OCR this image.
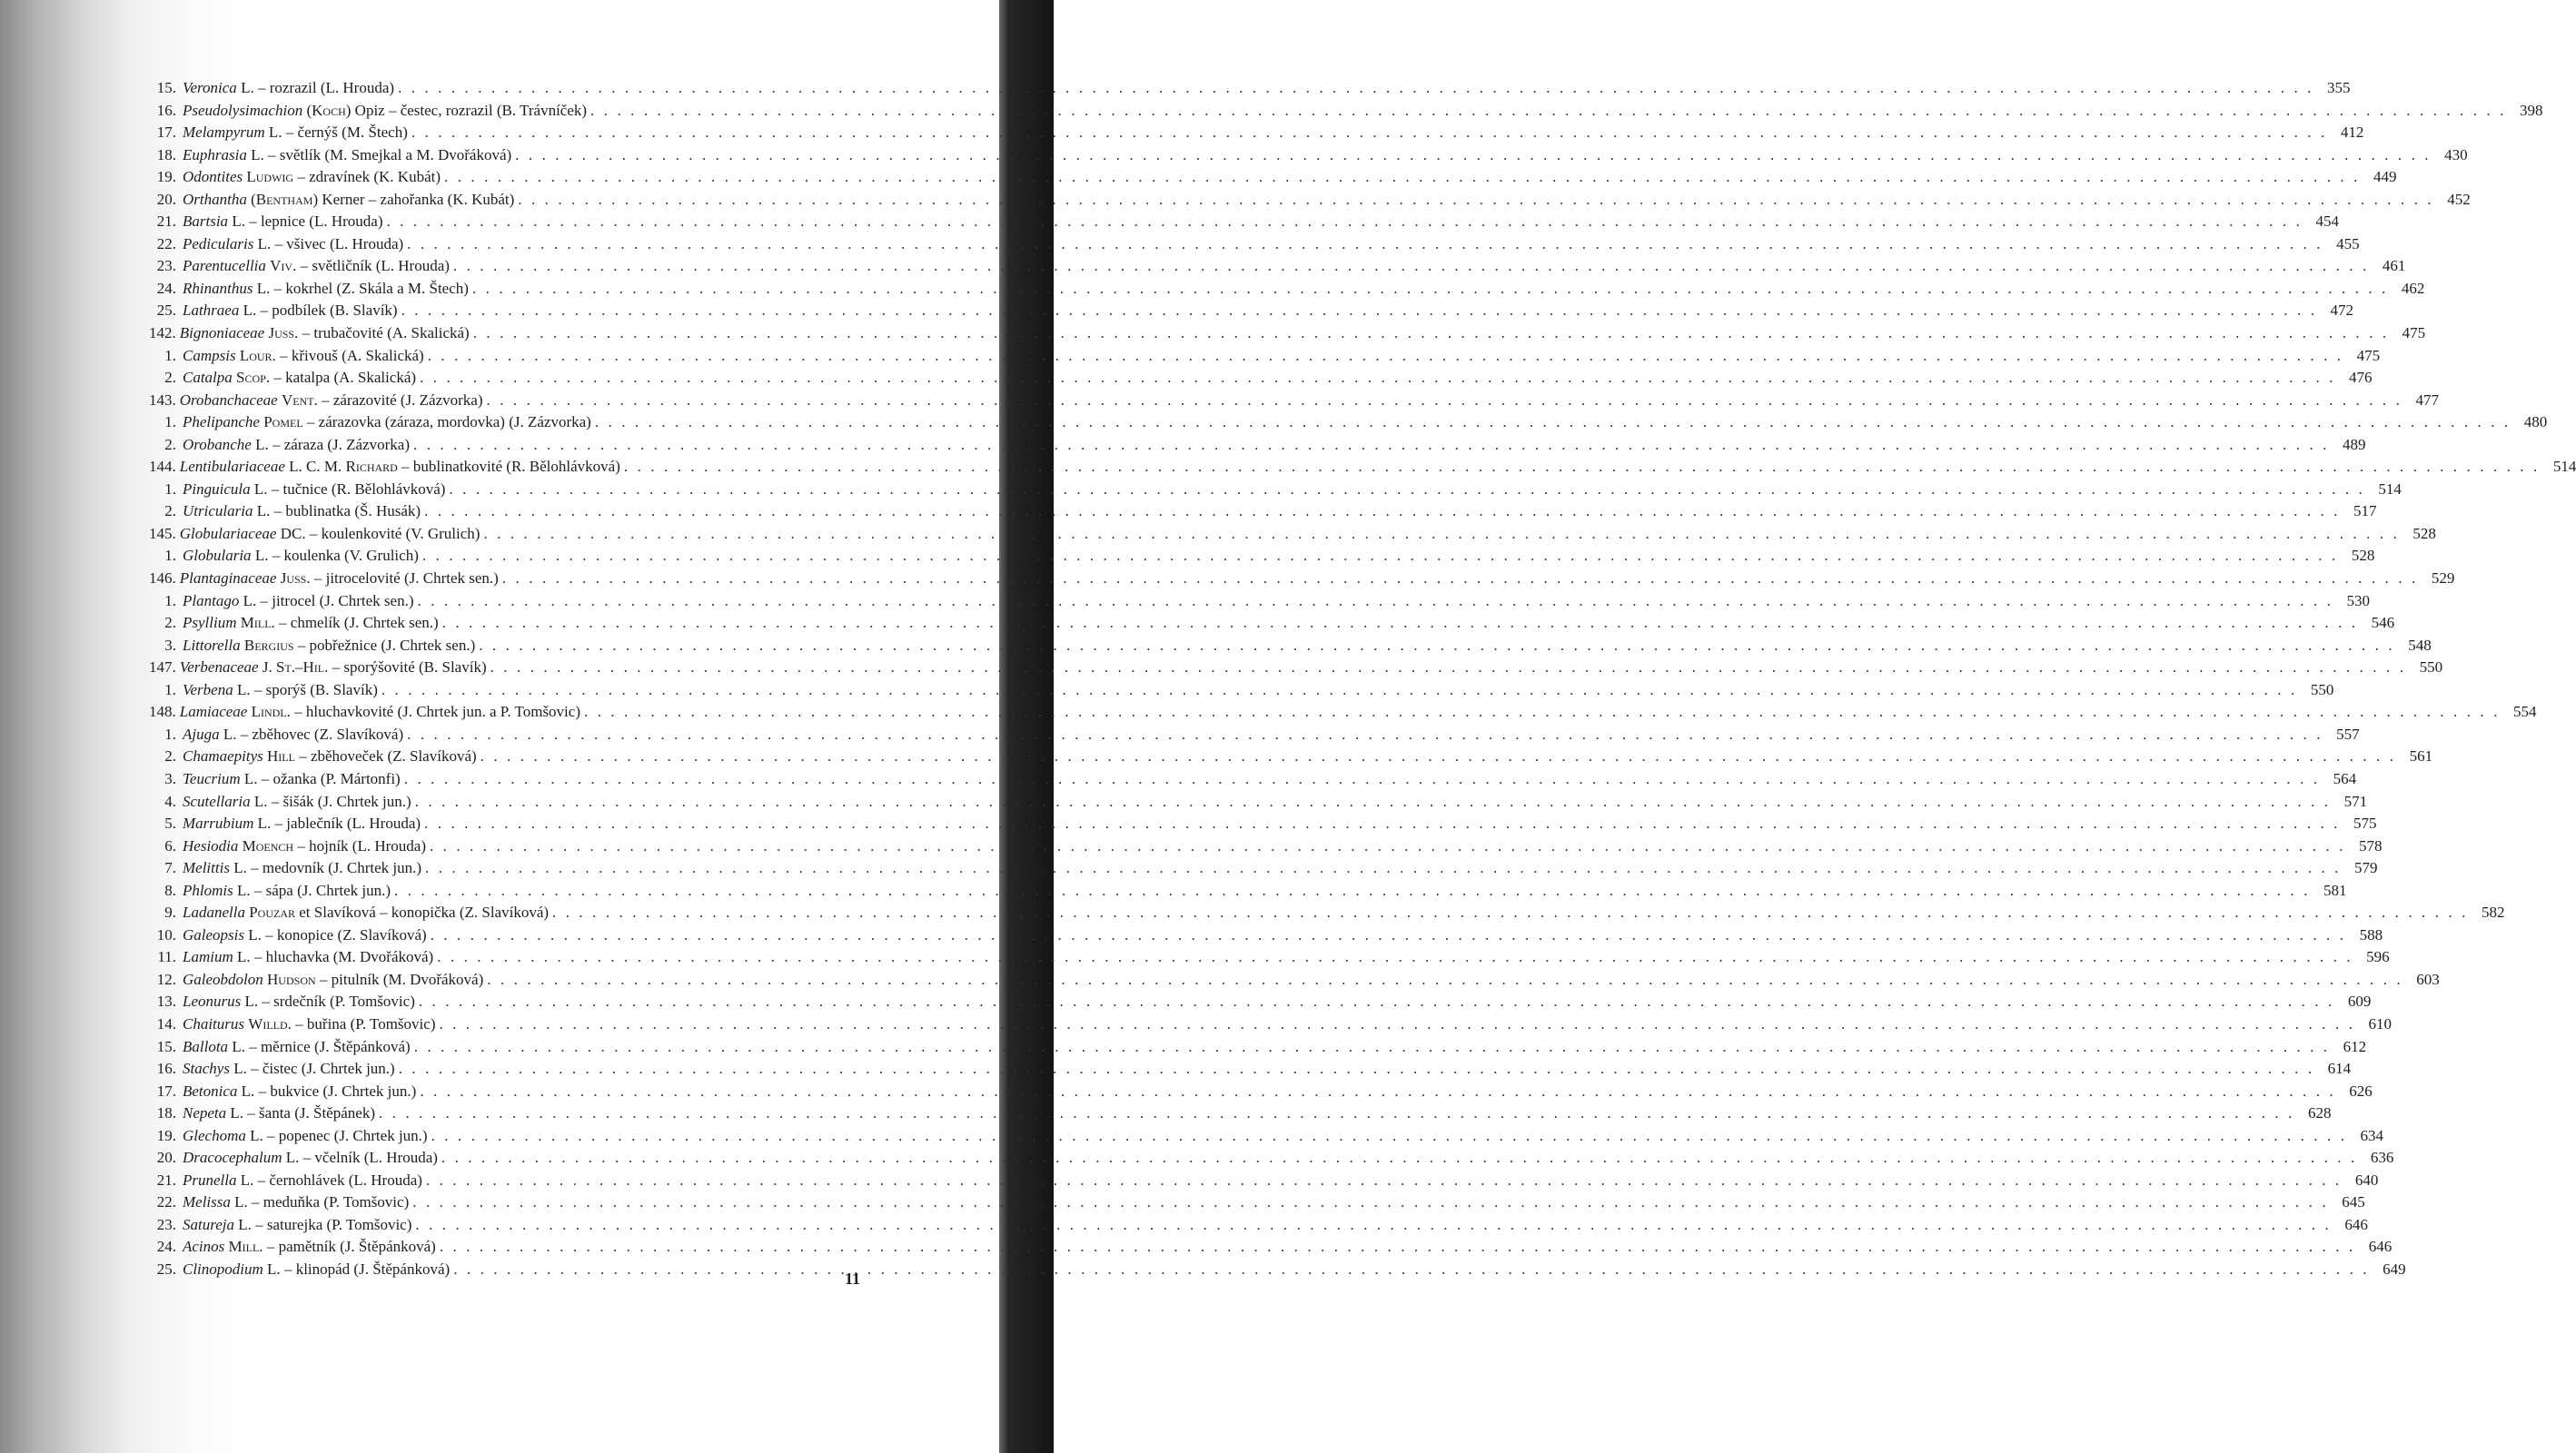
15. Veronica L. – rozrazil (L. Hrouda) . . .	355
16. Pseudolysimachion (Koch) Opiz – čestec, rozrazil (B. Trávníček) . . .	398
17. Melampyrum L. – černýš (M. Štech) . . .	412
18. Euphrasia L. – světlík (M. Smejkal a M. Dvořáková) . . .	430
19. Odontites Ludwig – zdravínek (K. Kubát) . . .	449
20. Orthantha (Bentham) Kerner – zahořanka (K. Kubát) . . .	452
21. Bartsia L. – lepnice (L. Hrouda) . . .	454
22. Pedicularis L. – všivec (L. Hrouda) . . .	455
23. Parentucellia Viv. – světličník (L. Hrouda) . . .	461
24. Rhinanthus L. – kokrhel (Z. Skála a M. Štech) . . .	462
25. Lathraea L. – podbílek (B. Slavík) . . .	472
142. Bignoniaceae Juss. – trubačovité (A. Skalická) . . .	475
1. Campsis Lour. – křivouš (A. Skalická) . . .	475
2. Catalpa Scop. – katalpa (A. Skalická) . . .	476
143. Orobanchaceae Vent. – zárazovité (J. Zázvorka) . . .	477
1. Phelipanche Pomel – zárazovka (záraza, mordovka) (J. Zázvorka) . . .	480
2. Orobanche L. – záraza (J. Zázvorka) . . .	489
144. Lentibulariaceae L. C. M. Richard – bublinatkovité (R. Bělohlávková) . . .	514
1. Pinguicula L. – tučnice (R. Bělohlávková) . . .	514
2. Utricularia L. – bublinatka (Š. Husák) . . .	517
145. Globulariaceae DC. – koulenkovité (V. Grulich) . . .	528
1. Globularia L. – koulenka (V. Grulich) . . .	528
146. Plantaginaceae Juss. – jitrocelovité (J. Chrtek sen.) . . .	529
1. Plantago L. – jitrocel (J. Chrtek sen.) . . .	530
2. Psyllium Mill. – chmelík (J. Chrtek sen.) . . .	546
3. Littorella Bergius – pobřežnice (J. Chrtek sen.) . . .	548
147. Verbenaceae J. St.–Hil. – sporýšovité (B. Slavík) . . .	550
1. Verbena L. – sporýš (B. Slavík) . . .	550
148. Lamiaceae Lindl. – hluchavkovité (J. Chrtek jun. a P. Tomšovic) . . .	554
1. Ajuga L. – zběhovec (Z. Slavíková) . . .	557
2. Chamaepitys Hill – zběhoveček (Z. Slavíková) . . .	561
3. Teucrium L. – ožanka (P. Mártonfi) . . .	564
4. Scutellaria L. – šišák (J. Chrtek jun.) . . .	571
5. Marrubium L. – jablečník (L. Hrouda) . . .	575
6. Hesiodia Moench – hojník (L. Hrouda) . . .	578
7. Melittis L. – medovník (J. Chrtek jun.) . . .	579
8. Phlomis L. – sápa (J. Chrtek jun.) . . .	581
9. Ladanella Pouzar et Slavíková – konopička (Z. Slavíková) . . .	582
10. Galeopsis L. – konopice (Z. Slavíková) . . .	588
11. Lamium L. – hluchavka (M. Dvořáková) . . .	596
12. Galeobdolon Hudson – pitulník (M. Dvořáková) . . .	603
13. Leonurus L. – srdečník (P. Tomšovic) . . .	609
14. Chaiturus Willd. – buřina (P. Tomšovic) . . .	610
15. Ballota L. – měrnice (J. Štěpánková) . . .	612
16. Stachys L. – čistec (J. Chrtek jun.) . . .	614
17. Betonica L. – bukvice (J. Chrtek jun.) . . .	626
18. Nepeta L. – šanta (J. Štěpánek) . . .	628
19. Glechoma L. – popenec (J. Chrtek jun.) . . .	634
20. Dracocephalum L. – včelník (L. Hrouda) . . .	636
21. Prunella L. – černohlávek (L. Hrouda) . . .	640
22. Melissa L. – meduňka (P. Tomšovic) . . .	645
23. Satureja L. – saturejka (P. Tomšovic) . . .	646
24. Acinos Mill. – pamětník (J. Štěpánková) . . .	646
25. Clinopodium L. – klinopád (J. Štěpánková) . . .	649
11
